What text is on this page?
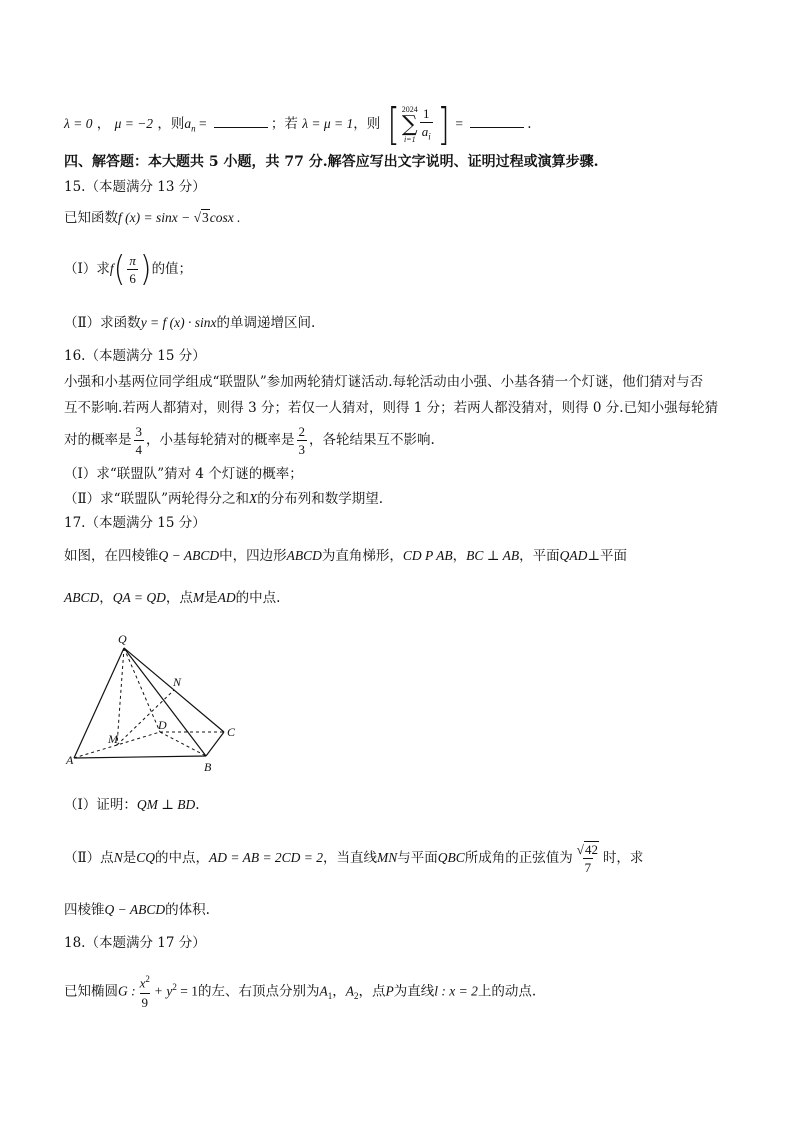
λ = 0 ， μ = −2 ，则$a_n$ =	；若 λ = μ = 1，则 [ 2024
∑
$i=1 \frac{1}{a_i}$ ] =	.
四、解答题：本大题共 5 小题，共 77 分.解答应写出文字说明、证明过程或演算步骤.
15.（本题满分 13 分）
已知函数f (x) = sinx − √3cosx .
（Ⅰ）求$f( \frac{\pi}{6}$ )的值；
（Ⅱ）求函数y = f (x) · sinx的单调递增区间.
16.（本题满分 15 分）
小强和小基两位同学组成“联盟队”参加两轮猜灯谜活动.每轮活动由小强、小基各猜一个灯谜，他们猜对与否
互不影响.若两人都猜对，则得 3 分；若仅一人猜对，则得 1 分；若两人都没猜对，则得 0 分.已知小强每轮猜
对的概率是 $\frac{3}{4}$ ，小基每轮猜对的概率是 $\frac{2}{3}$ ，各轮结果互不影响.
（Ⅰ）求“联盟队”猜对 4 个灯谜的概率；
（Ⅱ）求“联盟队”两轮得分之和X的分布列和数学期望.
17.（本题满分 15 分）
如图，在四棱锥Q − ABCD中，四边形ABCD为直角梯形，CD P AB，BC ⊥ AB，平面QAD⊥平面
ABCD，QA = QD，点M是AD的中点.
Q
N
D	C
M
A	B
（Ⅰ）证明：QM ⊥ BD.
（Ⅱ）点N是CQ的中点，AD = AB = 2CD = 2，当直线MN与平面QBC所成角的正弦值为 $\frac{√42}{7}$ 时，求
四棱锥Q − ABCD的体积.
18.（本题满分 17 分）
已知椭圆G : $\frac{x^2}{9} + y^2 = 1$的左、右顶点分别为$A_1$，$A_2$，点P为直线l : x = 2上的动点.
